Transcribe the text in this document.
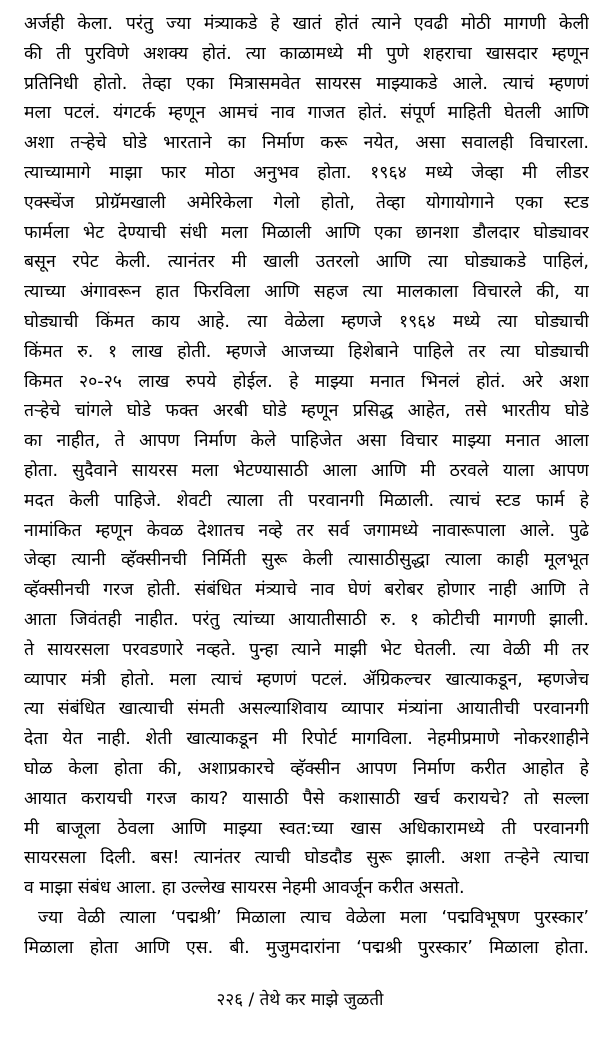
अर्जही केला. परंतु ज्या मंत्र्याकडे हे खातं होतं त्याने एवढी मोठी मागणी केली
की ती पुरविणे अशक्य होतं. त्या काळामध्ये मी पुणे शहराचा खासदार म्हणून
प्रतिनिधी होतो. तेव्हा एका मित्रासमवेत सायरस माझ्याकडे आले. त्याचं म्हणणं
मला पटलं. यंगटर्क म्हणून आमचं नाव गाजत होतं. संपूर्ण माहिती घेतली आणि
अशा तऱ्हेचे घोडे भारताने का निर्माण करू नयेत, असा सवालही विचारला.
त्याच्यामागे माझा फार मोठा अनुभव होता. १९६४ मध्ये जेव्हा मी लीडर
एक्स्चेंज प्रोग्रॅमखाली अमेरिकेला गेलो होतो, तेव्हा योगायोगाने एका स्टड
फार्मला भेट देण्याची संधी मला मिळाली आणि एका छानशा डौलदार घोड्यावर
बसून रपेट केली. त्यानंतर मी खाली उतरलो आणि त्या घोड्याकडे पाहिलं,
त्याच्या अंगावरून हात फिरविला आणि सहज त्या मालकाला विचारले की, या
घोड्याची किंमत काय आहे. त्या वेळेला म्हणजे १९६४ मध्ये त्या घोड्याची
किंमत रु. १ लाख होती. म्हणजे आजच्या हिशेबाने पाहिले तर त्या घोड्याची
किमत २०-२५ लाख रुपये होईल. हे माझ्या मनात भिनलं होतं. अरे अशा
तऱ्हेचे चांगले घोडे फक्त अरबी घोडे म्हणून प्रसिद्ध आहेत, तसे भारतीय घोडे
का नाहीत, ते आपण निर्माण केले पाहिजेत असा विचार माझ्या मनात आला
होता. सुदैवाने सायरस मला भेटण्यासाठी आला आणि मी ठरवले याला आपण
मदत केली पाहिजे. शेवटी त्याला ती परवानगी मिळाली. त्याचं स्टड फार्म हे
नामांकित म्हणून केवळ देशातच नव्हे तर सर्व जगामध्ये नावारूपाला आले. पुढे
जेव्हा त्यानी व्हॅक्सीनची निर्मिती सुरू केली त्यासाठीसुद्धा त्याला काही मूलभूत
व्हॅक्सीनची गरज होती. संबंधित मंत्र्याचे नाव घेणं बरोबर होणार नाही आणि ते
आता जिवंतही नाहीत. परंतु त्यांच्या आयातीसाठी रु. १ कोटीची मागणी झाली.
ते सायरसला परवडणारे नव्हते. पुन्हा त्याने माझी भेट घेतली. त्या वेळी मी तर
व्यापार मंत्री होतो. मला त्याचं म्हणणं पटलं. ॲग्रिकल्चर खात्याकडून, म्हणजेच
त्या संबंधित खात्याची संमती असल्याशिवाय व्यापार मंत्र्यांना आयातीची परवानगी
देता येत नाही. शेती खात्याकडून मी रिपोर्ट मागविला. नेहमीप्रमाणे नोकरशाहीने
घोळ केला होता की, अशाप्रकारचे व्हॅक्सीन आपण निर्माण करीत आहोत हे
आयात करायची गरज काय? यासाठी पैसे कशासाठी खर्च करायचे? तो सल्ला
मी बाजूला ठेवला आणि माझ्या स्वत:च्या खास अधिकारामध्ये ती परवानगी
सायरसला दिली. बस! त्यानंतर त्याची घोडदौड सुरू झाली. अशा तऱ्हेने त्याचा
व माझा संबंध आला. हा उल्लेख सायरस नेहमी आवर्जून करीत असतो.
ज्या वेळी त्याला ‘पद्मश्री’ मिळाला त्याच वेळेला मला ‘पद्मविभूषण पुरस्कार’
मिळाला होता आणि एस. बी. मुजुमदारांना ‘पद्मश्री पुरस्कार’ मिळाला होता.
२२६ / तेथे कर माझे जुळती
